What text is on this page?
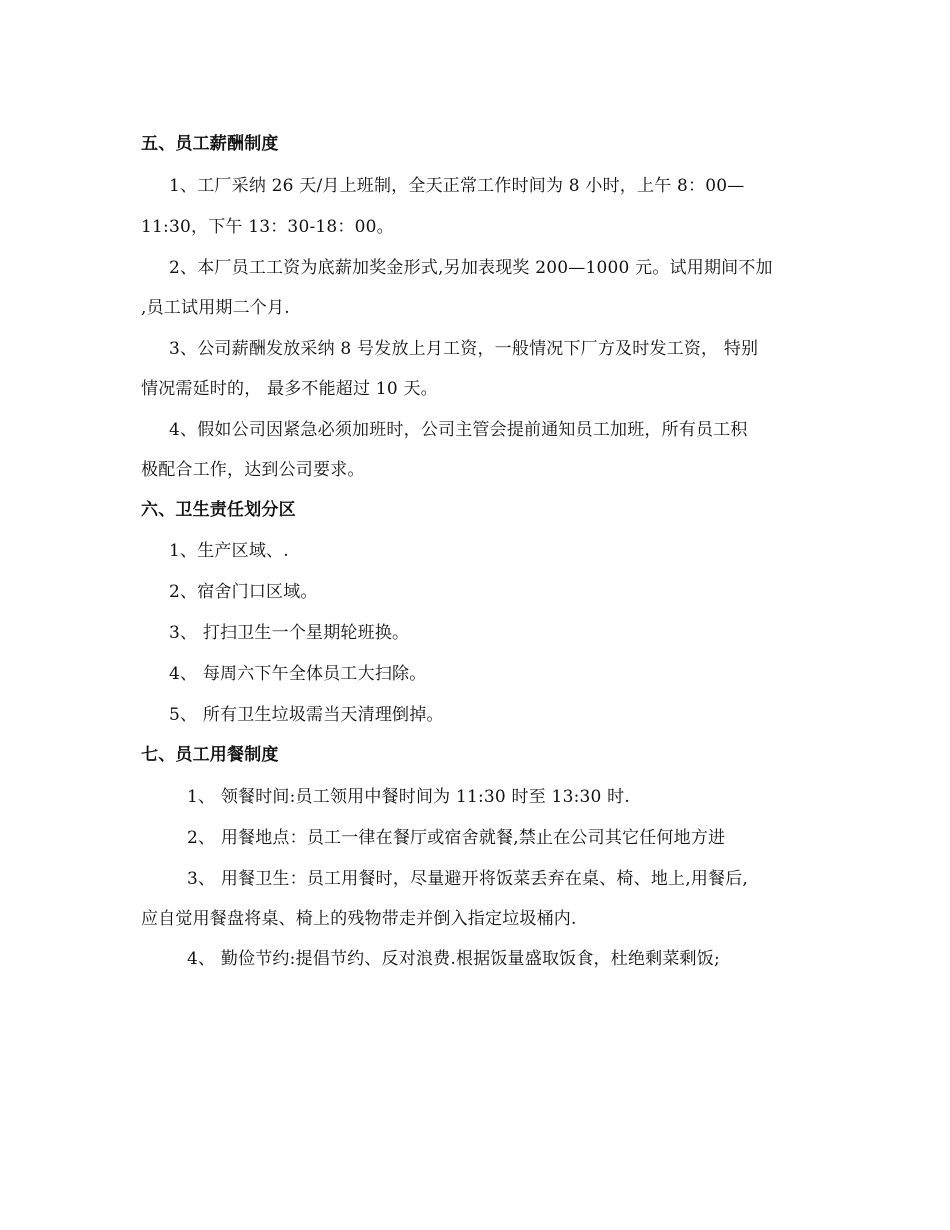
五、员工薪酬制度
1、工厂采纳 26 天/月上班制，全天正常工作时间为 8 小时，上午 8：00—
11:30，下午 13：30-18：00。
2、本厂员工工资为底薪加奖金形式,另加表现奖 200—1000 元。试用期间不加
,员工试用期二个月.
3、公司薪酬发放采纳 8 号发放上月工资，一般情况下厂方及时发工资， 特别
情况需延时的， 最多不能超过 10 天。
4、假如公司因紧急必须加班时，公司主管会提前通知员工加班，所有员工积
极配合工作，达到公司要求。
六、卫生责任划分区
1、生产区域、.
2、宿舍门口区域。
3、 打扫卫生一个星期轮班换。
4、 每周六下午全体员工大扫除。
5、 所有卫生垃圾需当天清理倒掉。
七、员工用餐制度
1、 领餐时间:员工领用中餐时间为 11:30 时至 13:30 时.
2、 用餐地点：员工一律在餐厅或宿舍就餐,禁止在公司其它任何地方进
3、 用餐卫生：员工用餐时，尽量避开将饭菜丢弃在桌、椅、地上,用餐后,
应自觉用餐盘将桌、椅上的残物带走并倒入指定垃圾桶内.
4、 勤俭节约:提倡节约、反对浪费.根据饭量盛取饭食，杜绝剩菜剩饭;
